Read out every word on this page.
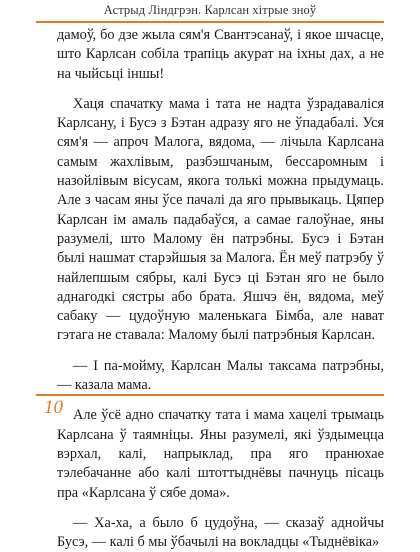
Астрыд Ліндгрэн. Карлсан хітрые зноў

дамоў, бо дзе жыла сям'я Свантэсанаў, і якое шчасце, што Карлсан собіла трапіць акурат на іхны дах, а не на чыйсьці іншы!

Хаця спачатку мама і тата не надта ўзрадаваліся Карлсану, і Бусэ з Бэтан адразу яго не ўпадабалі. Уся сям'я — апроч Малога, вядома, — лічыла Карлсана самым жахлівым, разбэшчаным, бессаромным і назойлівым вісусам, якога толькі можна прыдумаць. Але з часам яны ўсе пачалі да яго прывыкаць. Цяпер Карлсан ім амаль падабаўся, а самае галоўнае, яны разумелі, што Малому ён патрэбны. Бусэ і Бэтан былі нашмат старэйшыя за Малога. Ён меў патрэбу ў найлепшым сябры, калі Бусэ ці Бэтан яго не было аднагодкі сястры або брата. Яшчэ ён, вядома, меў сабаку — цудоўную маленькага Бімба, але нават гэтага не ставала: Малому былі патрэбныя Карлсан.

— І па-мойму, Карлсан Малы таксама патрэбны, — казала мама.

Але ўсё адно спачатку тата і мама хацелі трымаць Карлсана ў таямніцы. Яны разумелі, які ўздымецца вэрхал, калі, напрыклад, пра яго пранюхае тэлебачанне або калі штоттыднёвы пачнуць пісаць пра «Карлсана ў сябе дома».

— Ха-ха, а было б цудоўна, — сказаў аднойчы Бусэ, — калі б мы ўбачылі на вокладцы «Тыднёвіка»

10
